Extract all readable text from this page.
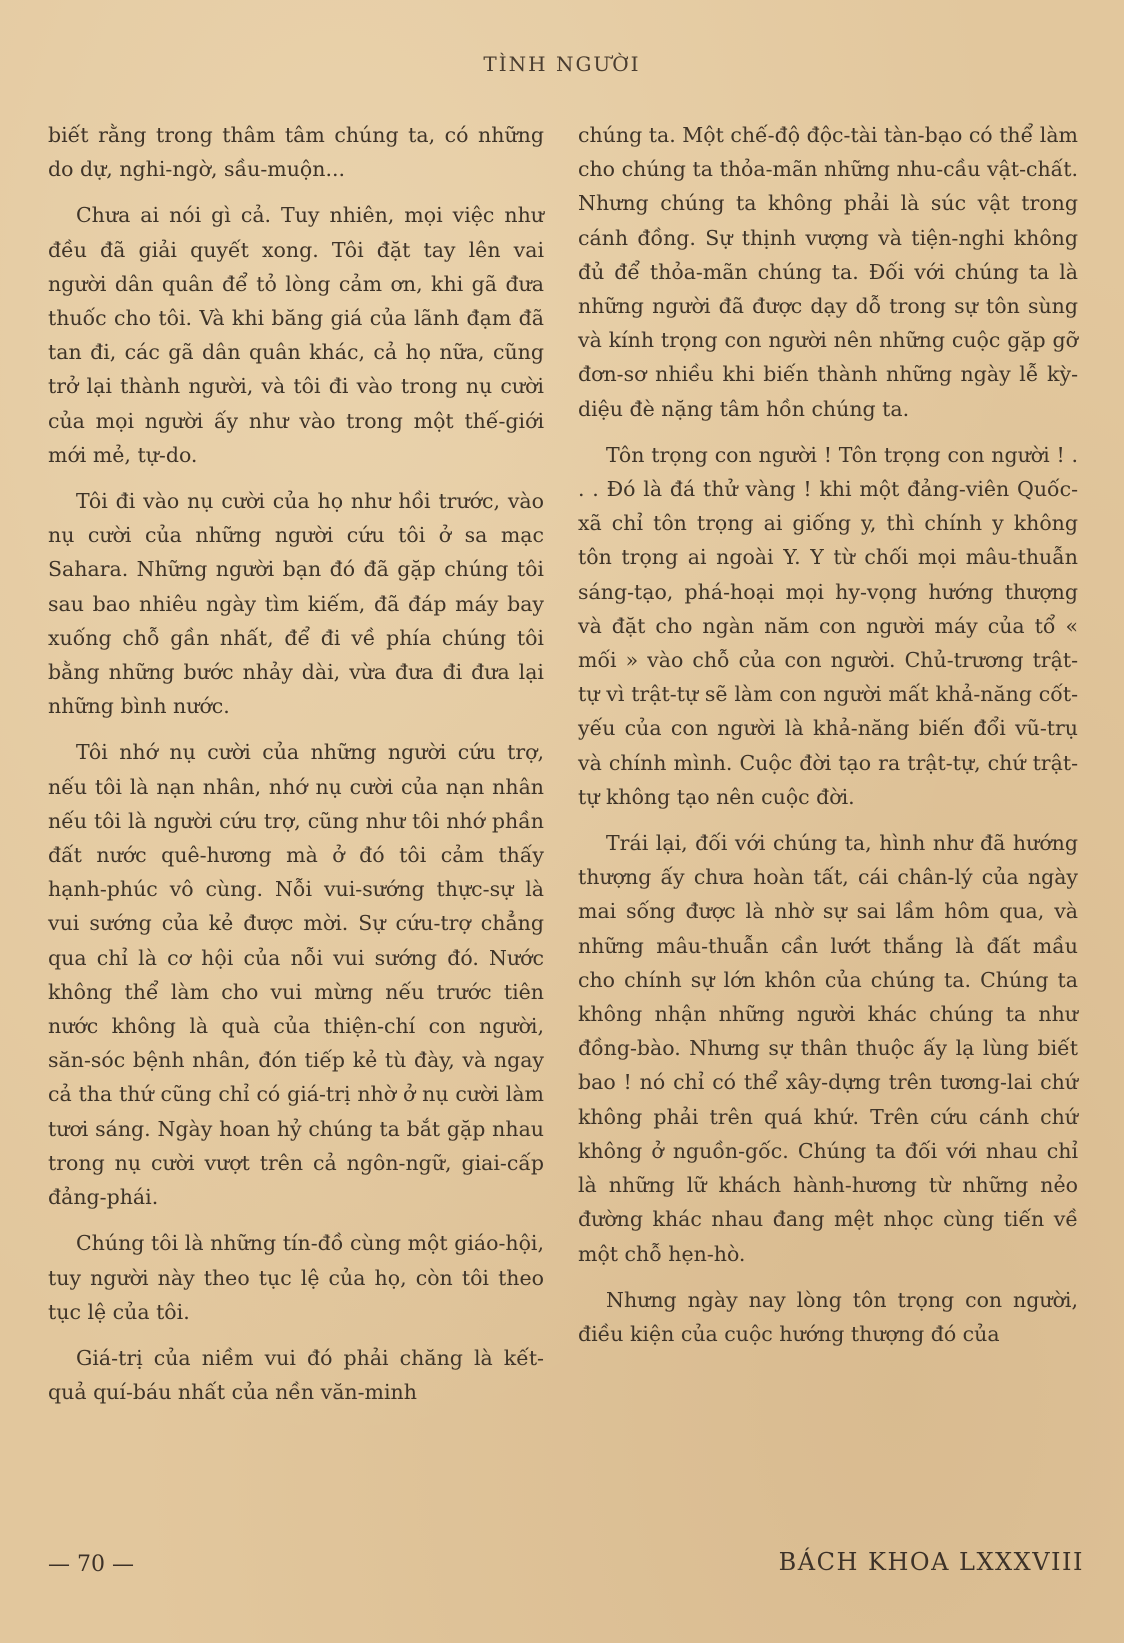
TÌNH NGƯỜI

biết rằng trong thâm tâm chúng ta, có những do dự, nghi-ngờ, sầu-muộn...

Chưa ai nói gì cả. Tuy nhiên, mọi việc như đều đã giải quyết xong. Tôi đặt tay lên vai người dân quân để tỏ lòng cảm ơn, khi gã đưa thuốc cho tôi. Và khi băng giá của lãnh đạm đã tan đi, các gã dân quân khác, cả họ nữa, cũng trở lại thành người, và tôi đi vào trong nụ cười của mọi người ấy như vào trong một thế-giới mới mẻ, tự-do.

Tôi đi vào nụ cười của họ như hồi trước, vào nụ cười của những người cứu tôi ở sa mạc Sahara. Những người bạn đó đã gặp chúng tôi sau bao nhiêu ngày tìm kiếm, đã đáp máy bay xuống chỗ gần nhất, để đi về phía chúng tôi bằng những bước nhảy dài, vừa đưa đi đưa lại những bình nước.

Tôi nhớ nụ cười của những người cứu trợ, nếu tôi là nạn nhân, nhớ nụ cười của nạn nhân nếu tôi là người cứu trợ, cũng như tôi nhớ phần đất nước quê-hương mà ở đó tôi cảm thấy hạnh-phúc vô cùng. Nỗi vui-sướng thực-sự là vui sướng của kẻ được mời. Sự cứu-trợ chẳng qua chỉ là cơ hội của nỗi vui sướng đó. Nước không thể làm cho vui mừng nếu trước tiên nước không là quà của thiện-chí con người, săn-sóc bệnh nhân, đón tiếp kẻ tù đày, và ngay cả tha thứ cũng chỉ có giá-trị nhờ ở nụ cười làm tươi sáng. Ngày hoan hỷ chúng ta bắt gặp nhau trong nụ cười vượt trên cả ngôn-ngữ, giai-cấp đảng-phái.

Chúng tôi là những tín-đồ cùng một giáo-hội, tuy người này theo tục lệ của họ, còn tôi theo tục lệ của tôi.

Giá-trị của niềm vui đó phải chăng là kết-quả quí-báu nhất của nền văn-minh

chúng ta. Một chế-độ độc-tài tàn-bạo có thể làm cho chúng ta thỏa-mãn những nhu-cầu vật-chất. Nhưng chúng ta không phải là súc vật trong cánh đồng. Sự thịnh vượng và tiện-nghi không đủ để thỏa-mãn chúng ta. Đối với chúng ta là những người đã được dạy dỗ trong sự tôn sùng và kính trọng con người nên những cuộc gặp gỡ đơn-sơ nhiều khi biến thành những ngày lễ kỳ-diệu đè nặng tâm hồn chúng ta.

Tôn trọng con người ! Tôn trọng con người ! . . . Đó là đá thử vàng ! khi một đảng-viên Quốc-xã chỉ tôn trọng ai giống y, thì chính y không tôn trọng ai ngoài Y. Y từ chối mọi mâu-thuẫn sáng-tạo, phá-hoại mọi hy-vọng hướng thượng và đặt cho ngàn năm con người máy của tổ « mối » vào chỗ của con người. Chủ-trương trật-tự vì trật-tự sẽ làm con người mất khả-năng cốt-yếu của con người là khả-năng biến đổi vũ-trụ và chính mình. Cuộc đời tạo ra trật-tự, chứ trật-tự không tạo nên cuộc đời.

Trái lại, đối với chúng ta, hình như đã hướng thượng ấy chưa hoàn tất, cái chân-lý của ngày mai sống được là nhờ sự sai lầm hôm qua, và những mâu-thuẫn cần lướt thắng là đất mầu cho chính sự lớn khôn của chúng ta. Chúng ta không nhận những người khác chúng ta như đồng-bào. Nhưng sự thân thuộc ấy lạ lùng biết bao ! nó chỉ có thể xây-dựng trên tương-lai chứ không phải trên quá khứ. Trên cứu cánh chứ không ở nguồn-gốc. Chúng ta đối với nhau chỉ là những lữ khách hành-hương từ những nẻo đường khác nhau đang mệt nhọc cùng tiến về một chỗ hẹn-hò.

Nhưng ngày nay lòng tôn trọng con người, điều kiện của cuộc hướng thượng đó của

— 70 —	BÁCH KHOA LXXXVIII
